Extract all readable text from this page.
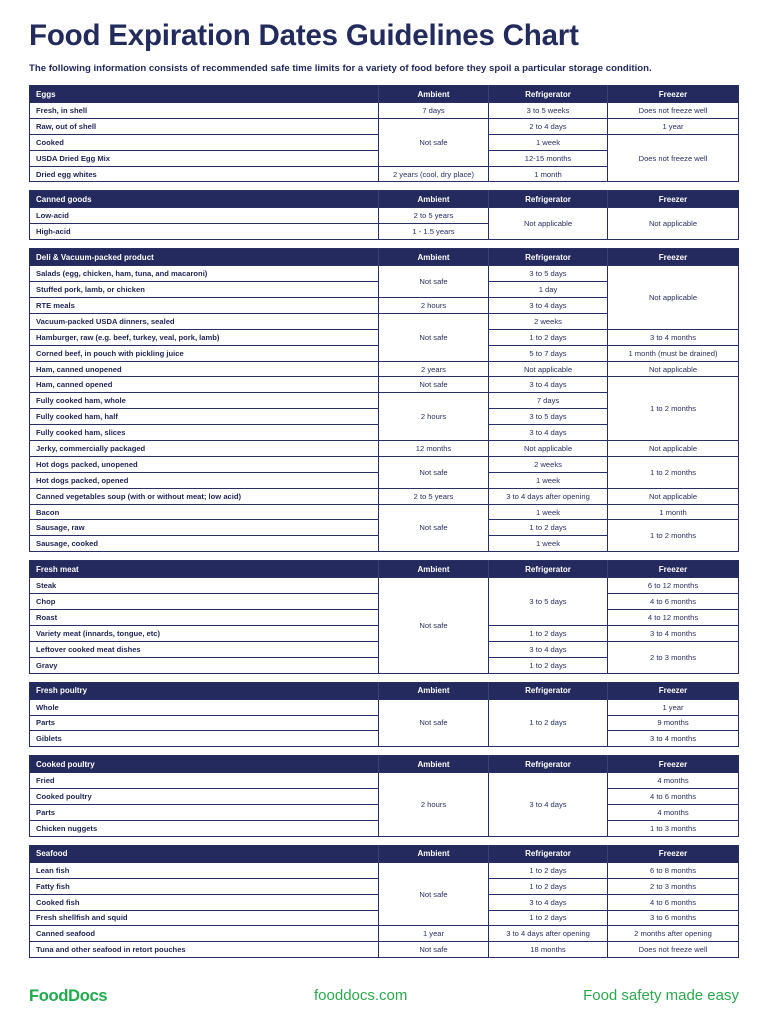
Food Expiration Dates Guidelines Chart
The following information consists of recommended safe time limits for a variety of food before they spoil a particular storage condition.
Eggs	Ambient	Refrigerator	Freezer
Fresh, in shell	7 days	3 to 5 weeks	Does not freeze well
Raw, out of shell	Not safe	2 to 4 days	1 year
Cooked		1 week	Does not freeze well
USDA Dried Egg Mix		12-15 months	
Dried egg whites	2 years (cool, dry place)	1 month	
Canned goods	Ambient	Refrigerator	Freezer
Low-acid	2 to 5 years	Not applicable	Not applicable
High-acid	1 - 1.5 years		
Deli & Vacuum-packed product	Ambient	Refrigerator	Freezer
Salads (egg, chicken, ham, tuna, and macaroni)	Not safe	3 to 5 days	Not applicable
Stuffed pork, lamb, or chicken		1 day	
RTE meals	2 hours	3 to 4 days	
Vacuum-packed USDA dinners, sealed	Not safe	2 weeks	
Hamburger, raw (e.g. beef, turkey, veal, pork, lamb)		1 to 2 days	3 to 4 months
Corned beef, in pouch with pickling juice		5 to 7 days	1 month (must be drained)
Ham, canned unopened	2 years	Not applicable	Not applicable
Ham, canned opened	Not safe	3 to 4 days	1 to 2 months
Fully cooked ham, whole	2 hours	7 days	
Fully cooked ham, half		3 to 5 days	
Fully cooked ham, slices		3 to 4 days	
Jerky, commercially packaged	12 months	Not applicable	Not applicable
Hot dogs packed, unopened	Not safe	2 weeks	1 to 2 months
Hot dogs packed, opened		1 week	
Canned vegetables soup (with or without meat; low acid)	2 to 5 years	3 to 4 days after opening	Not applicable
Bacon	Not safe	1 week	1 month
Sausage, raw		1 to 2 days	1 to 2 months
Sausage, cooked		1 week	
Fresh meat	Ambient	Refrigerator	Freezer
Steak	Not safe	3 to 5 days	6 to 12 months
Chop			4 to 6 months
Roast			4 to 12 months
Variety meat (innards, tongue, etc)		1 to 2 days	3 to 4 months
Leftover cooked meat dishes		3 to 4 days	2 to 3 months
Gravy		1 to 2 days	
Fresh poultry	Ambient	Refrigerator	Freezer
Whole	Not safe	1 to 2 days	1 year
Parts			9 months
Giblets			3 to 4 months
Cooked poultry	Ambient	Refrigerator	Freezer
Fried	2 hours	3 to 4 days	4 months
Cooked poultry			4 to 6 months
Parts			4 months
Chicken nuggets			1 to 3 months
Seafood	Ambient	Refrigerator	Freezer
Lean fish	Not safe	1 to 2 days	6 to 8 months
Fatty fish		1 to 2 days	2 to 3 months
Cooked fish		3 to 4 days	4 to 6 months
Fresh shellfish and squid		1 to 2 days	3 to 6 months
Canned seafood	1 year	3 to 4 days after opening	2 months after opening
Tuna and other seafood in retort pouches	Not safe	18 months	Does not freeze well
FoodDocs	fooddocs.com	Food safety made easy
